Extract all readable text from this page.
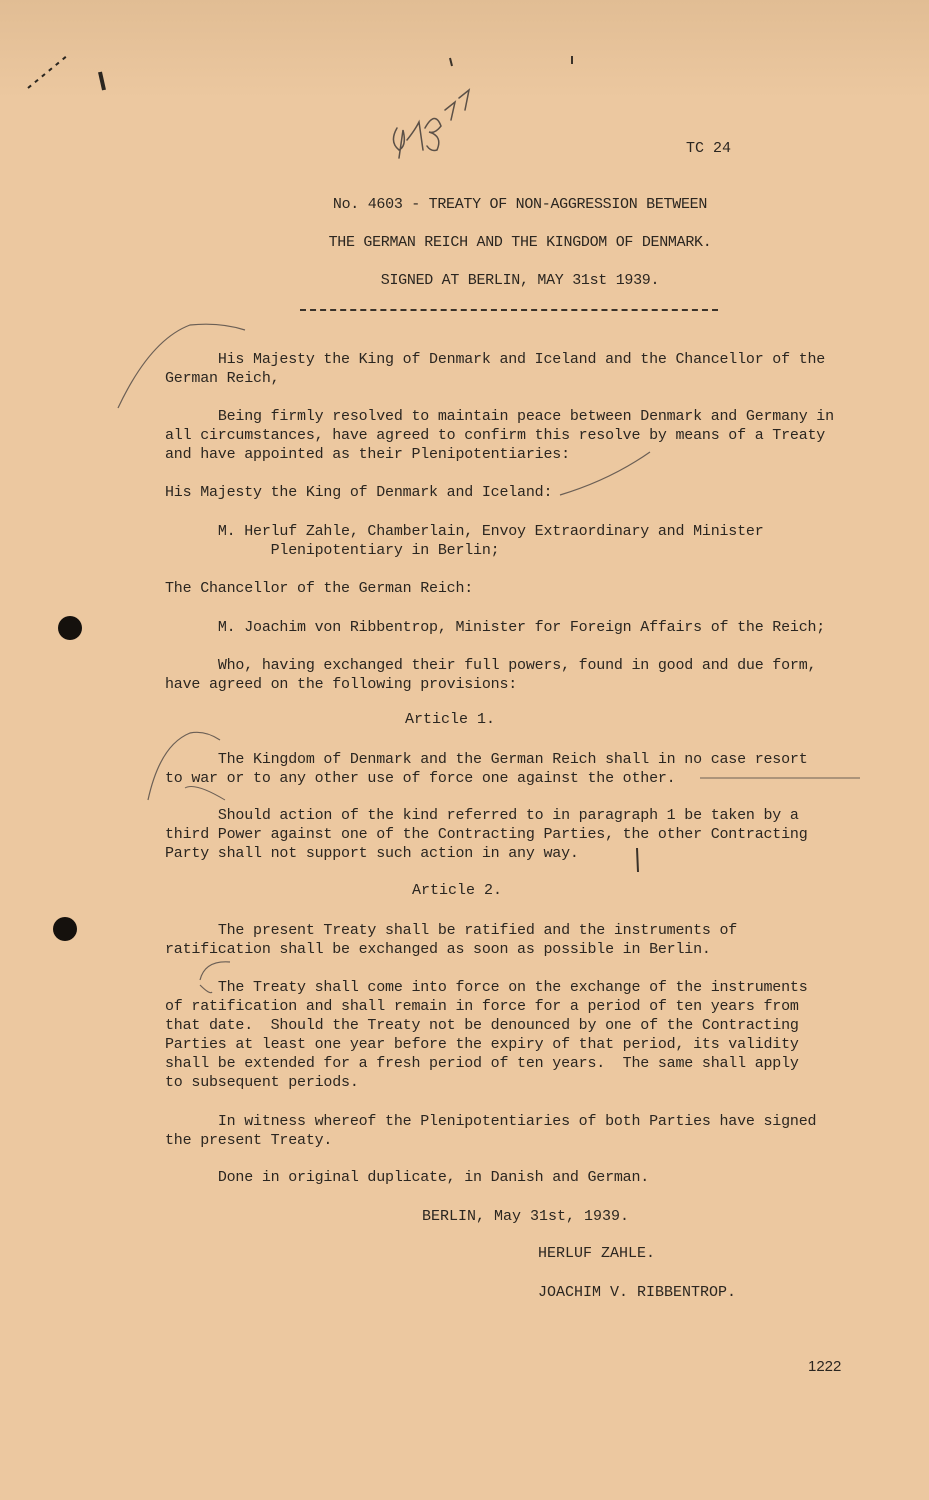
4/3 77
TC 24
No. 4603 - TREATY OF NON-AGGRESSION BETWEEN
THE GERMAN REICH AND THE KINGDOM OF DENMARK.
SIGNED AT BERLIN, MAY 31st 1939.
His Majesty the King of Denmark and Iceland and the Chancellor of the
German Reich,
Being firmly resolved to maintain peace between Denmark and Germany in
all circumstances, have agreed to confirm this resolve by means of a Treaty
and have appointed as their Plenipotentiaries:
His Majesty the King of Denmark and Iceland:
M. Herluf Zahle, Chamberlain, Envoy Extraordinary and Minister
Plenipotentiary in Berlin;
The Chancellor of the German Reich:
M. Joachim von Ribbentrop, Minister for Foreign Affairs of the Reich;
Who, having exchanged their full powers, found in good and due form,
have agreed on the following provisions:
Article 1.
The Kingdom of Denmark and the German Reich shall in no case resort
to war or to any other use of force one against the other.
Should action of the kind referred to in paragraph 1 be taken by a
third Power against one of the Contracting Parties, the other Contracting
Party shall not support such action in any way.
Article 2.
The present Treaty shall be ratified and the instruments of
ratification shall be exchanged as soon as possible in Berlin.
The Treaty shall come into force on the exchange of the instruments
of ratification and shall remain in force for a period of ten years from
that date.  Should the Treaty not be denounced by one of the Contracting
Parties at least one year before the expiry of that period, its validity
shall be extended for a fresh period of ten years.  The same shall apply
to subsequent periods.
In witness whereof the Plenipotentiaries of both Parties have signed
the present Treaty.
Done in original duplicate, in Danish and German.
BERLIN, May 31st, 1939.
HERLUF ZAHLE.
JOACHIM V. RIBBENTROP.
1222
